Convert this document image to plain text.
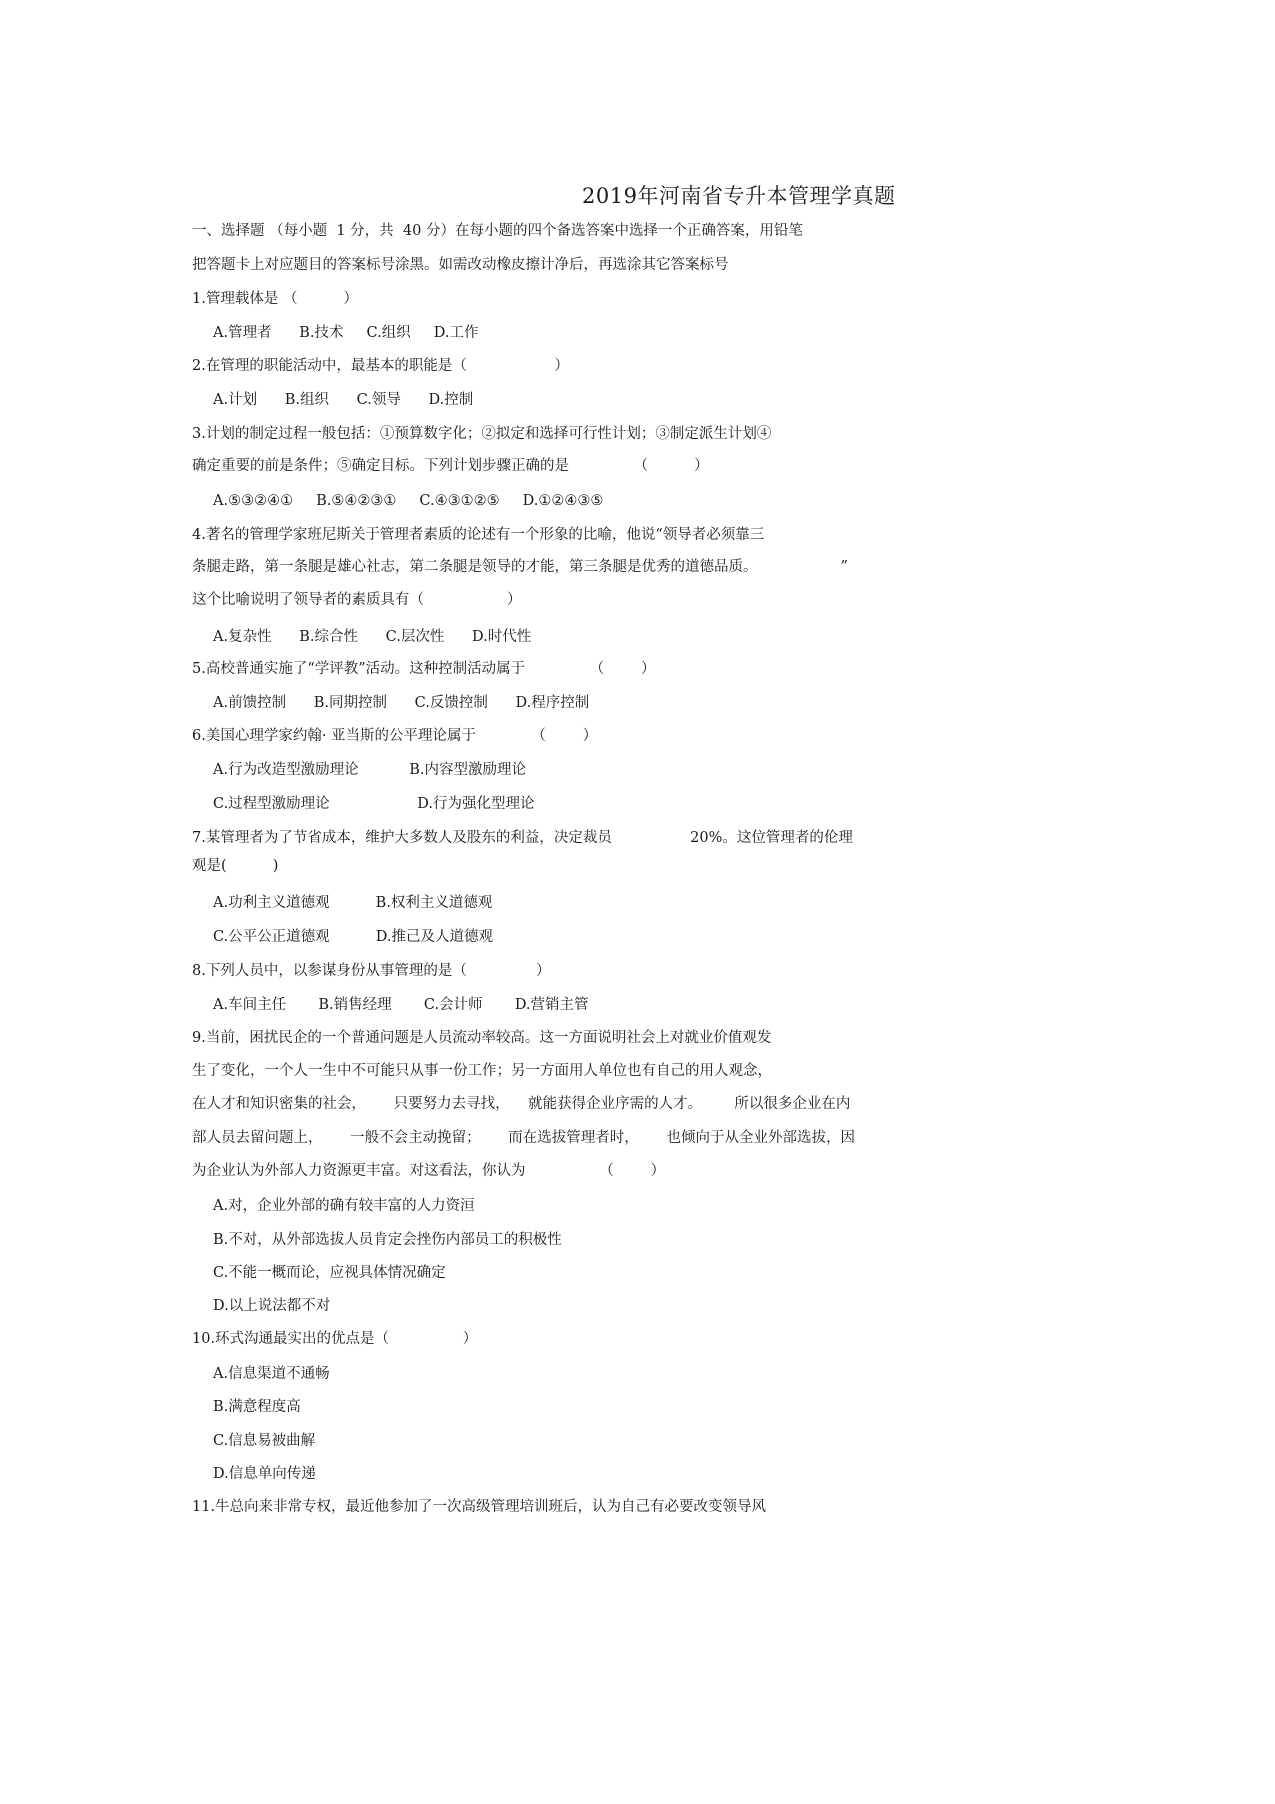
2019年河南省专升本管理学真题
一、选择题 （每小题  1 分，共  40 分）在每小题的四个备选答案中选择一个正确答案，用铅笔
把答题卡上对应题目的答案标号涂黑。如需改动橡皮擦计净后，再选涂其它答案标号
1.管理载体是 （          ）
A.管理者      B.技术     C.组织     D.工作
2.在管理的职能活动中，最基本的职能是（                   ）
A.计划      B.组织      C.领导      D.控制
3.计划的制定过程一般包括：①预算数字化；②拟定和选择可行性计划；③制定派生计划④
确定重要的前是条件；⑤确定目标。下列计划步骤正确的是              （          ）
A.⑤③②④①     B.⑤④②③①     C.④③①②⑤     D.①②④③⑤
4.著名的管理学家班尼斯关于管理者素质的论述有一个形象的比喻，他说“领导者必须靠三
条腿走路，第一条腿是雄心社志，第二条腿是领导的才能，第三条腿是优秀的道德品质。                  ”
这个比喻说明了领导者的素质具有（                  ）
A.复杂性      B.综合性      C.层次性      D.时代性
5.高校普通实施了“学评教”活动。这种控制活动属于              （        ）
A.前馈控制      B.同期控制      C.反馈控制      D.程序控制
6.美国心理学家约翰· 亚当斯的公平理论属于            （        ）
A.行为改造型激励理论           B.内容型激励理论
C.过程型激励理论                   D.行为强化型理论
7.某管理者为了节省成本，维护大多数人及股东的利益，决定裁员                 20%。这位管理者的伦理
观是(          )
A.功利主义道德观          B.权利主义道德观
C.公平公正道德观          D.推己及人道德观
8.下列人员中，以参谋身份从事管理的是（               ）
A.车间主任       B.销售经理       C.会计师       D.营销主管
9.当前，困扰民企的一个普通问题是人员流动率较高。这一方面说明社会上对就业价值观发
生了变化，一个人一生中不可能只从事一份工作；另一方面用人单位也有自己的用人观念，
在人才和知识密集的社会，      只要努力去寻找，    就能获得企业序需的人才。       所以很多企业在内
部人员去留问题上，      一般不会主动挽留；      而在选拔管理者时，      也倾向于从全业外部选拔，因
为企业认为外部人力资源更丰富。对这看法，你认为                （        ）
A.对，企业外部的确有较丰富的人力资洹
B.不对，从外部选拔人员肯定会挫伤内部员工的积极性
C.不能一概而论，应视具体情况确定
D.以上说法都不对
10.环式沟通最实出的优点是（                ）
A.信息渠道不通畅
B.满意程度高
C.信息易被曲解
D.信息单向传递
11.牛总向来非常专权，最近他参加了一次高级管理培训班后，认为自己有必要改变领导风
